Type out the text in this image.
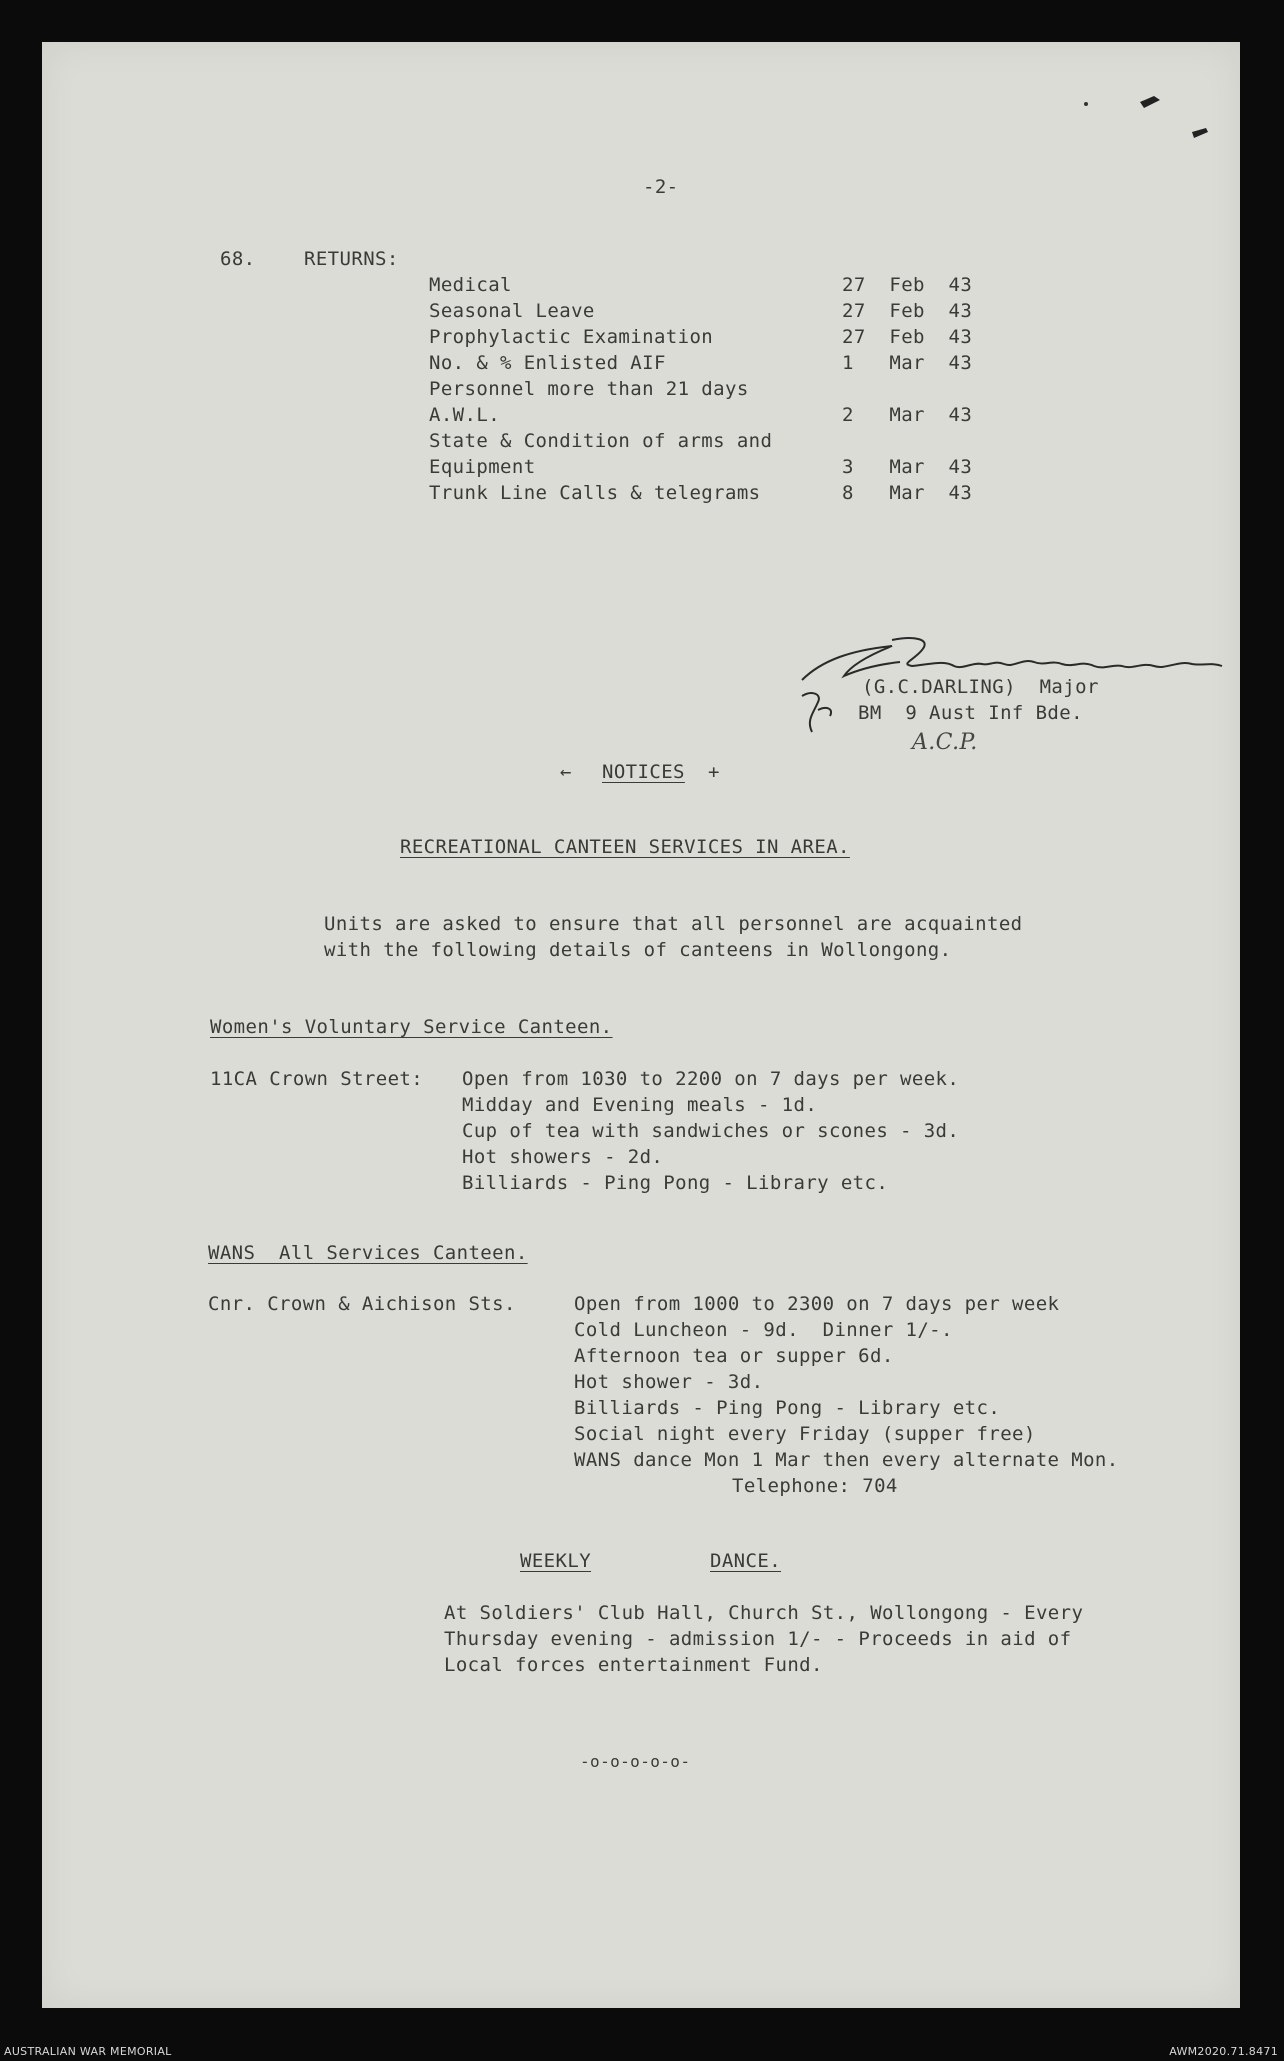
-2-
68.	RETURNS:
Medical	27  Feb  43
Seasonal Leave	27  Feb  43
Prophylactic Examination	27  Feb  43
No. & % Enlisted AIF	1   Mar  43
Personnel more than 21 days
A.W.L.	2   Mar  43
State & Condition of arms and
Equipment	3   Mar  43
Trunk Line Calls & telegrams	8   Mar  43
(G.C.DARLING)  Major
BM  9 Aust Inf Bde.
A.C.P.
← NOTICES +
RECREATIONAL CANTEEN SERVICES IN AREA.
Units are asked to ensure that all personnel are acquainted
with the following details of canteens in Wollongong.
Women's Voluntary Service Canteen.
11CA Crown Street: Open from 1030 to 2200 on 7 days per week.
Midday and Evening meals - 1d.
Cup of tea with sandwiches or scones - 3d.
Hot showers - 2d.
Billiards - Ping Pong - Library etc.
WANS  All Services Canteen.
Cnr. Crown & Aichison Sts.	Open from 1000 to 2300 on 7 days per week
Cold Luncheon - 9d.  Dinner 1/-.
Afternoon tea or supper 6d.
Hot shower - 3d.
Billiards - Ping Pong - Library etc.
Social night every Friday (supper free)
WANS dance Mon 1 Mar then every alternate Mon.
Telephone: 704
WEEKLY	DANCE.
At Soldiers' Club Hall, Church St., Wollongong - Every
Thursday evening - admission 1/- - Proceeds in aid of
Local forces entertainment Fund.
-o-o-o-o-o-
AUSTRALIAN WAR MEMORIAL	AWM2020.71.8471
